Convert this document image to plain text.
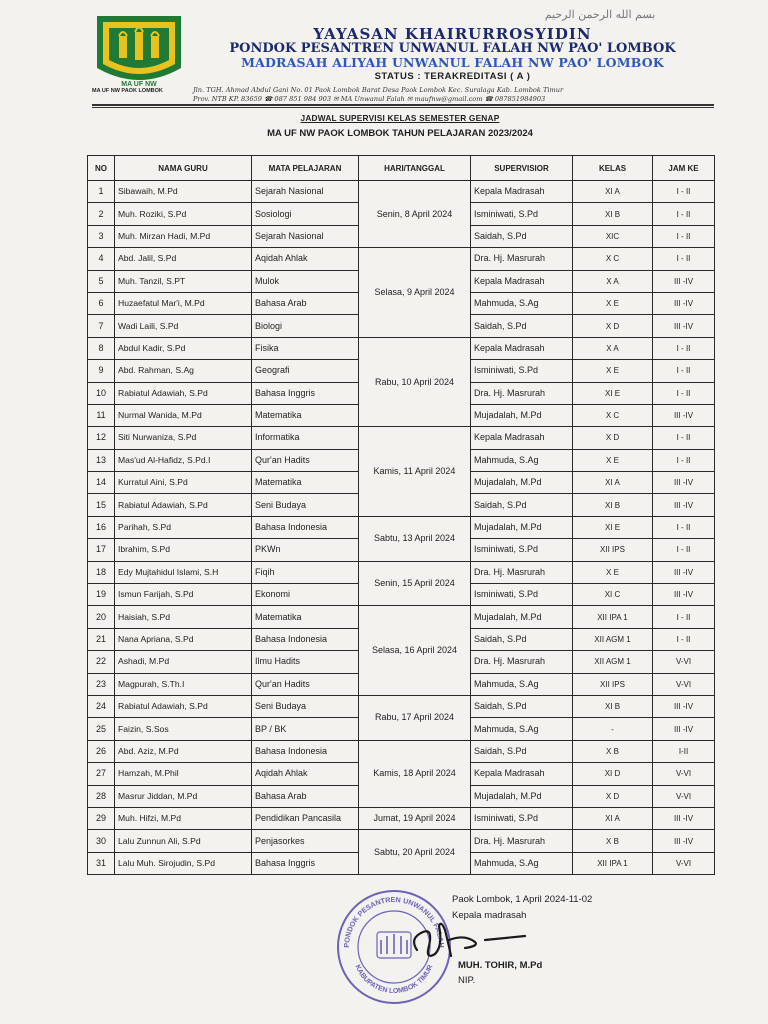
MA UF NW
بسم الله الرحمن الرحيم
YAYASAN KHAIRURROSYIDIN
PONDOK PESANTREN UNWANUL FALAH NW PAO' LOMBOK
MADRASAH ALIYAH UNWANUL FALAH NW PAO' LOMBOK
STATUS : TERAKREDITASI ( A )
MA UF NW PAOK LOMBOK	Jln. TGH. Ahmad Abdul Gani No. 01 Paok Lombok Barat Desa Paok Lombok Kec. Suralaga Kab. Lombok Timur
Prov. NTB KP. 83659 ☎ 087 851 984 903 ✉ MA Unwanul Falah ✉ maufnw@gmail.com ☎ 087851984903
JADWAL SUPERVISI KELAS SEMESTER GENAP
MA UF NW PAOK LOMBOK TAHUN PELAJARAN 2023/2024
NO	NAMA GURU	MATA PELAJARAN	HARI/TANGGAL	SUPERVISIOR	KELAS	JAM KE
1	Sibawaih, M.Pd	Sejarah Nasional	Senin, 8 April 2024	Kepala Madrasah	XI A	I - II
2	Muh. Roziki, S.Pd	Sosiologi		Isminiwati, S.Pd	XI B	I - II
3	Muh. Mirzan Hadi, M.Pd	Sejarah Nasional		Saidah, S.Pd	XIC	I - II
4	Abd. Jalil, S.Pd	Aqidah Ahlak	Selasa, 9 April 2024	Dra. Hj. Masrurah	X C	I - II
5	Muh. Tanzil, S.PT	Mulok		Kepala Madrasah	X A	III -IV
6	Huzaefatul Mar'i, M.Pd	Bahasa Arab		Mahmuda, S.Ag	X E	III -IV
7	Wadi Laili, S.Pd	Biologi		Saidah, S.Pd	X D	III -IV
8	Abdul Kadir, S.Pd	Fisika	Rabu, 10 April 2024	Kepala Madrasah	X A	I - II
9	Abd. Rahman, S.Ag	Geografi		Isminiwati, S.Pd	X E	I - II
10	Rabiatul Adawiah, S.Pd	Bahasa Inggris		Dra. Hj. Masrurah	XI E	I - II
11	Nurmal Wanida, M.Pd	Matematika		Mujadalah, M.Pd	X C	III -IV
12	Siti Nurwaniza, S.Pd	Informatika	Kamis, 11 April 2024	Kepala Madrasah	X D	I - II
13	Mas'ud Al-Hafidz, S.Pd.I	Qur'an Hadits		Mahmuda, S.Ag	X E	I - II
14	Kurratul Aini, S.Pd	Matematika		Mujadalah, M.Pd	XI A	III -IV
15	Rabiatul Adawiah, S.Pd	Seni Budaya		Saidah, S.Pd	XI B	III -IV
16	Parihah, S.Pd	Bahasa Indonesia	Sabtu, 13 April 2024	Mujadalah, M.Pd	XI E	I - II
17	Ibrahim, S.Pd	PKWn		Isminiwati, S.Pd	XII IPS	I - II
18	Edy Mujtahidul Islami, S.H	Fiqih	Senin, 15 April 2024	Dra. Hj. Masrurah	X E	III -IV
19	Ismun Farijah, S.Pd	Ekonomi		Isminiwati, S.Pd	XI C	III -IV
20	Haisiah, S.Pd	Matematika	Selasa, 16 April 2024	Mujadalah, M.Pd	XII IPA 1	I - II
21	Nana Apriana, S.Pd	Bahasa Indonesia		Saidah, S.Pd	XII AGM 1	I - II
22	Ashadi, M.Pd	Ilmu Hadits		Dra. Hj. Masrurah	XII AGM 1	V-VI
23	Magpurah, S.Th.I	Qur'an Hadits		Mahmuda, S.Ag	XII IPS	V-VI
24	Rabiatul Adawiah, S.Pd	Seni Budaya	Rabu, 17 April 2024	Saidah, S.Pd	XI B	III -IV
25	Faizin, S.Sos	BP / BK		Mahmuda, S.Ag	-	III -IV
26	Abd. Aziz, M.Pd	Bahasa Indonesia	Kamis, 18 April 2024	Saidah, S.Pd	X B	I-II
27	Hamzah, M.Phil	Aqidah Ahlak		Kepala Madrasah	XI D	V-VI
28	Masrur Jiddan, M.Pd	Bahasa Arab		Mujadalah, M.Pd	X D	V-VI
29	Muh. Hifzi, M.Pd	Pendidikan Pancasila	Jumat, 19 April 2024	Isminiwati, S.Pd	XI A	III -IV
30	Lalu Zunnun Ali, S.Pd	Penjasorkes	Sabtu, 20 April 2024	Dra. Hj. Masrurah	X B	III -IV
31	Lalu Muh. Sirojudin, S.Pd	Bahasa Inggris		Mahmuda, S.Ag	XII IPA 1	V-VI
PONDOK PESANTREN UNWANUL FALAH
KABUPATEN LOMBOK TIMUR
Paok Lombok, 1 April 2024-11-02
Kepala madrasah
MUH. TOHIR, M.Pd
NIP.
